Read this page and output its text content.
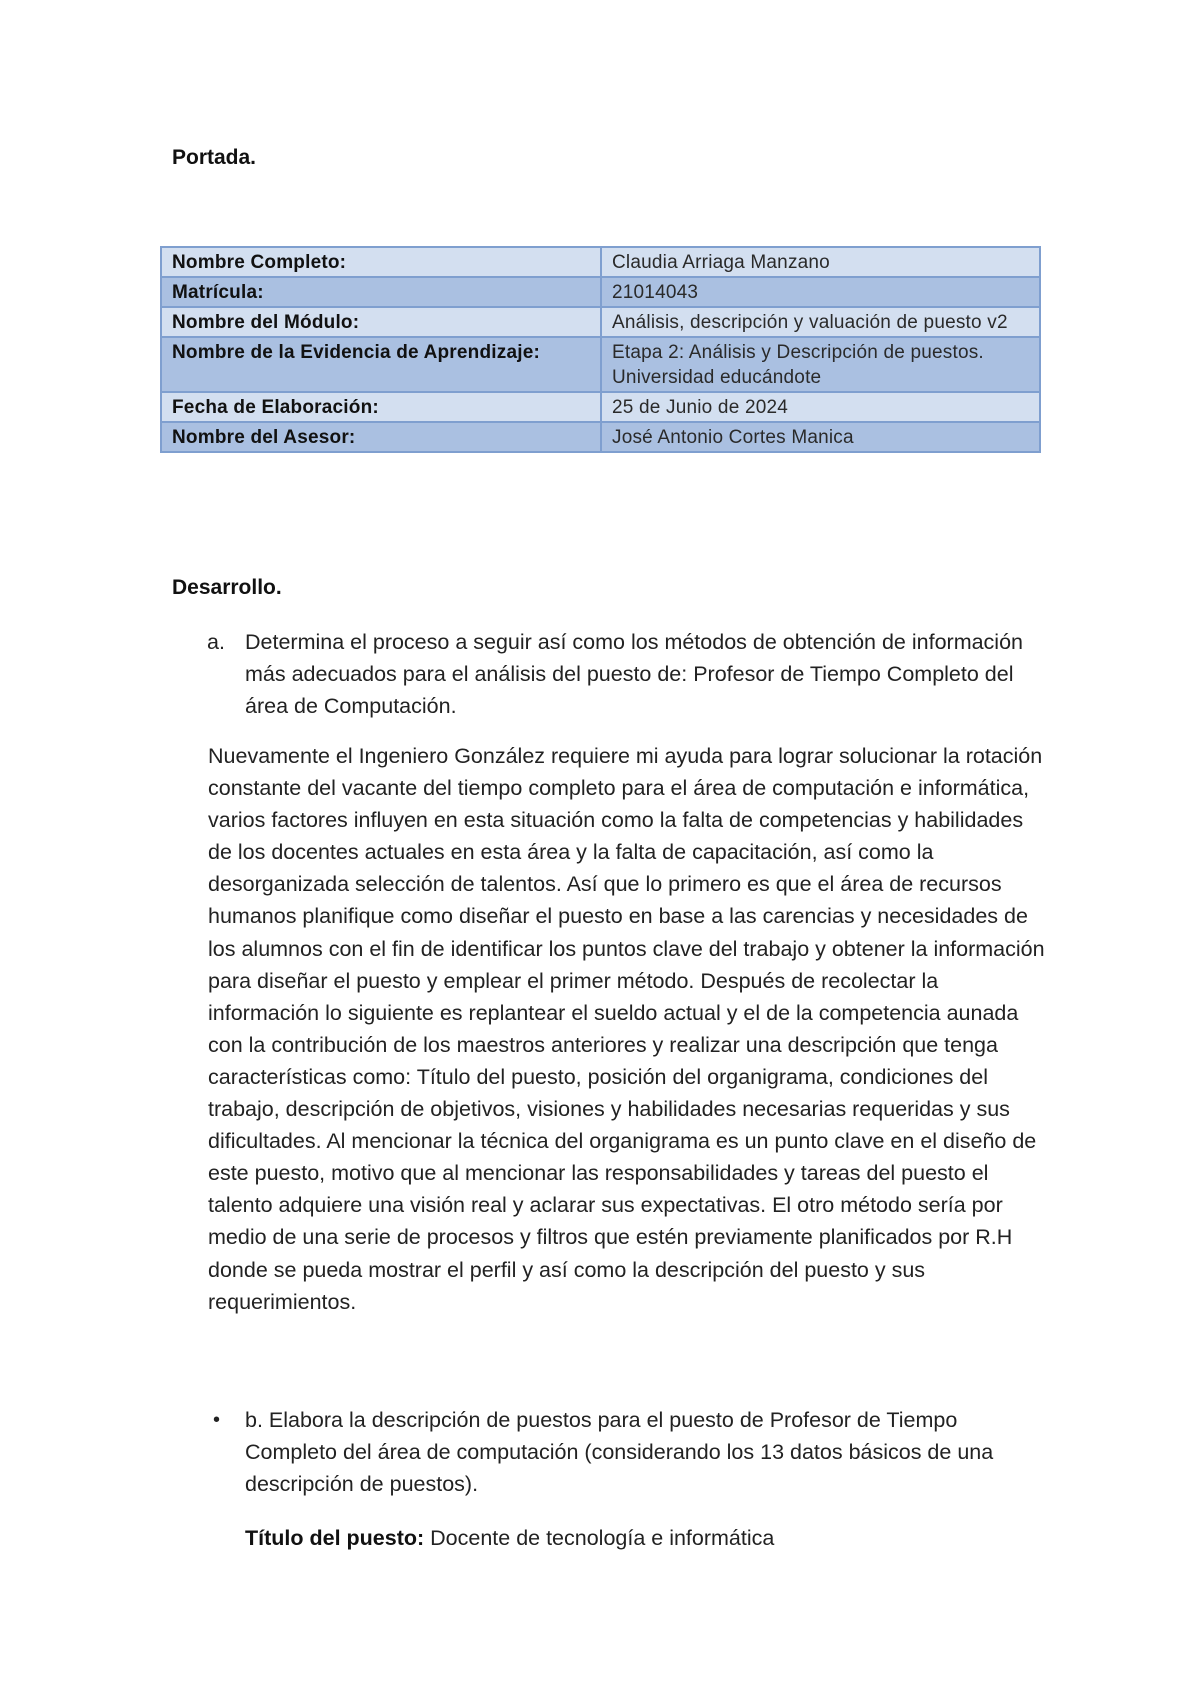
Portada.
Nombre Completo:	Claudia Arriaga Manzano
Matrícula:	21014043
Nombre del Módulo:	Análisis, descripción y valuación de puesto v2
Nombre de la Evidencia de Aprendizaje:	Etapa 2: Análisis y Descripción de puestos. Universidad educándote
Fecha de Elaboración:	25 de Junio de 2024
Nombre del Asesor:	José Antonio Cortes Manica
Desarrollo.
a. Determina el proceso a seguir así como los métodos de obtención de información más adecuados para el análisis del puesto de: Profesor de Tiempo Completo del área de Computación.
Nuevamente el Ingeniero González requiere mi ayuda para lograr solucionar la rotación constante del vacante del tiempo completo para el área de computación e informática, varios factores influyen en esta situación como la falta de competencias y habilidades de los docentes actuales en esta área y la falta de capacitación, así como la desorganizada selección de talentos. Así que lo primero es que el área de recursos humanos planifique como diseñar el puesto en base a las carencias y necesidades de los alumnos con el fin de identificar los puntos clave del trabajo y obtener la información para diseñar el puesto y emplear el primer método. Después de recolectar la información lo siguiente es replantear el sueldo actual y el de la competencia aunada con la contribución de los maestros anteriores y realizar una descripción que tenga características como: Título del puesto, posición del organigrama, condiciones del trabajo, descripción de objetivos, visiones y habilidades necesarias requeridas y sus dificultades. Al mencionar la técnica del organigrama es un punto clave en el diseño de este puesto, motivo que al mencionar las responsabilidades y tareas del puesto el talento adquiere una visión real y aclarar sus expectativas. El otro método sería por medio de una serie de procesos y filtros que estén previamente planificados por R.H donde se pueda mostrar el perfil y así como la descripción del puesto y sus requerimientos.
• b. Elabora la descripción de puestos para el puesto de Profesor de Tiempo Completo del área de computación (considerando los 13 datos básicos de una descripción de puestos).
Título del puesto: Docente de tecnología e informática
